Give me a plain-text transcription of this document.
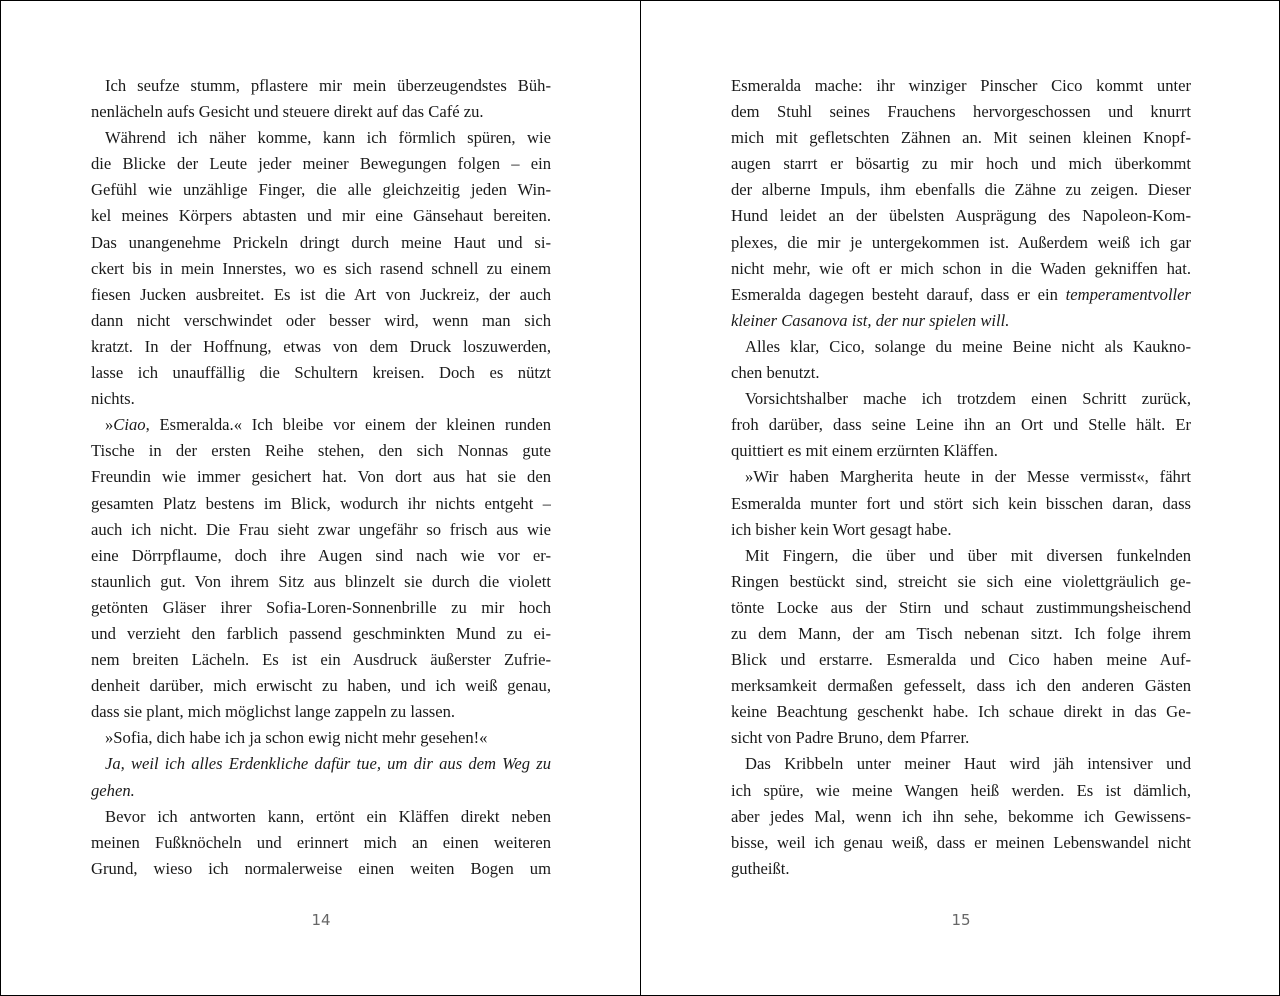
Ich seufze stumm, pflastere mir mein überzeugendstes Büh-
nenlächeln aufs Gesicht und steuere direkt auf das Café zu.
Während ich näher komme, kann ich förmlich spüren, wie
die Blicke der Leute jeder meiner Bewegungen folgen – ein
Gefühl wie unzählige Finger, die alle gleichzeitig jeden Win-
kel meines Körpers abtasten und mir eine Gänsehaut bereiten.
Das unangenehme Prickeln dringt durch meine Haut und si-
ckert bis in mein Innerstes, wo es sich rasend schnell zu einem
fiesen Jucken ausbreitet. Es ist die Art von Juckreiz, der auch
dann nicht verschwindet oder besser wird, wenn man sich
kratzt. In der Hoffnung, etwas von dem Druck loszuwerden,
lasse ich unauffällig die Schultern kreisen. Doch es nützt
nichts.
»Ciao, Esmeralda.« Ich bleibe vor einem der kleinen runden
Tische in der ersten Reihe stehen, den sich Nonnas gute
Freundin wie immer gesichert hat. Von dort aus hat sie den
gesamten Platz bestens im Blick, wodurch ihr nichts entgeht –
auch ich nicht. Die Frau sieht zwar ungefähr so frisch aus wie
eine Dörrpflaume, doch ihre Augen sind nach wie vor er-
staunlich gut. Von ihrem Sitz aus blinzelt sie durch die violett
getönten Gläser ihrer Sofia-Loren-Sonnenbrille zu mir hoch
und verzieht den farblich passend geschminkten Mund zu ei-
nem breiten Lächeln. Es ist ein Ausdruck äußerster Zufrie-
denheit darüber, mich erwischt zu haben, und ich weiß genau,
dass sie plant, mich möglichst lange zappeln zu lassen.
»Sofia, dich habe ich ja schon ewig nicht mehr gesehen!«
Ja, weil ich alles Erdenkliche dafür tue, um dir aus dem Weg zu
gehen.
Bevor ich antworten kann, ertönt ein Kläffen direkt neben
meinen Fußknöcheln und erinnert mich an einen weiteren
Grund, wieso ich normalerweise einen weiten Bogen um
14
Esmeralda mache: ihr winziger Pinscher Cico kommt unter
dem Stuhl seines Frauchens hervorgeschossen und knurrt
mich mit gefletschten Zähnen an. Mit seinen kleinen Knopf-
augen starrt er bösartig zu mir hoch und mich überkommt
der alberne Impuls, ihm ebenfalls die Zähne zu zeigen. Dieser
Hund leidet an der übelsten Ausprägung des Napoleon-Kom-
plexes, die mir je untergekommen ist. Außerdem weiß ich gar
nicht mehr, wie oft er mich schon in die Waden gekniffen hat.
Esmeralda dagegen besteht darauf, dass er ein temperamentvoller
kleiner Casanova ist, der nur spielen will.
Alles klar, Cico, solange du meine Beine nicht als Kaukno-
chen benutzt.
Vorsichtshalber mache ich trotzdem einen Schritt zurück,
froh darüber, dass seine Leine ihn an Ort und Stelle hält. Er
quittiert es mit einem erzürnten Kläffen.
»Wir haben Margherita heute in der Messe vermisst«, fährt
Esmeralda munter fort und stört sich kein bisschen daran, dass
ich bisher kein Wort gesagt habe.
Mit Fingern, die über und über mit diversen funkelnden
Ringen bestückt sind, streicht sie sich eine violettgräulich ge-
tönte Locke aus der Stirn und schaut zustimmungsheischend
zu dem Mann, der am Tisch nebenan sitzt. Ich folge ihrem
Blick und erstarre. Esmeralda und Cico haben meine Auf-
merksamkeit dermaßen gefesselt, dass ich den anderen Gästen
keine Beachtung geschenkt habe. Ich schaue direkt in das Ge-
sicht von Padre Bruno, dem Pfarrer.
Das Kribbeln unter meiner Haut wird jäh intensiver und
ich spüre, wie meine Wangen heiß werden. Es ist dämlich,
aber jedes Mal, wenn ich ihn sehe, bekomme ich Gewissens-
bisse, weil ich genau weiß, dass er meinen Lebenswandel nicht
gutheißt.
15
